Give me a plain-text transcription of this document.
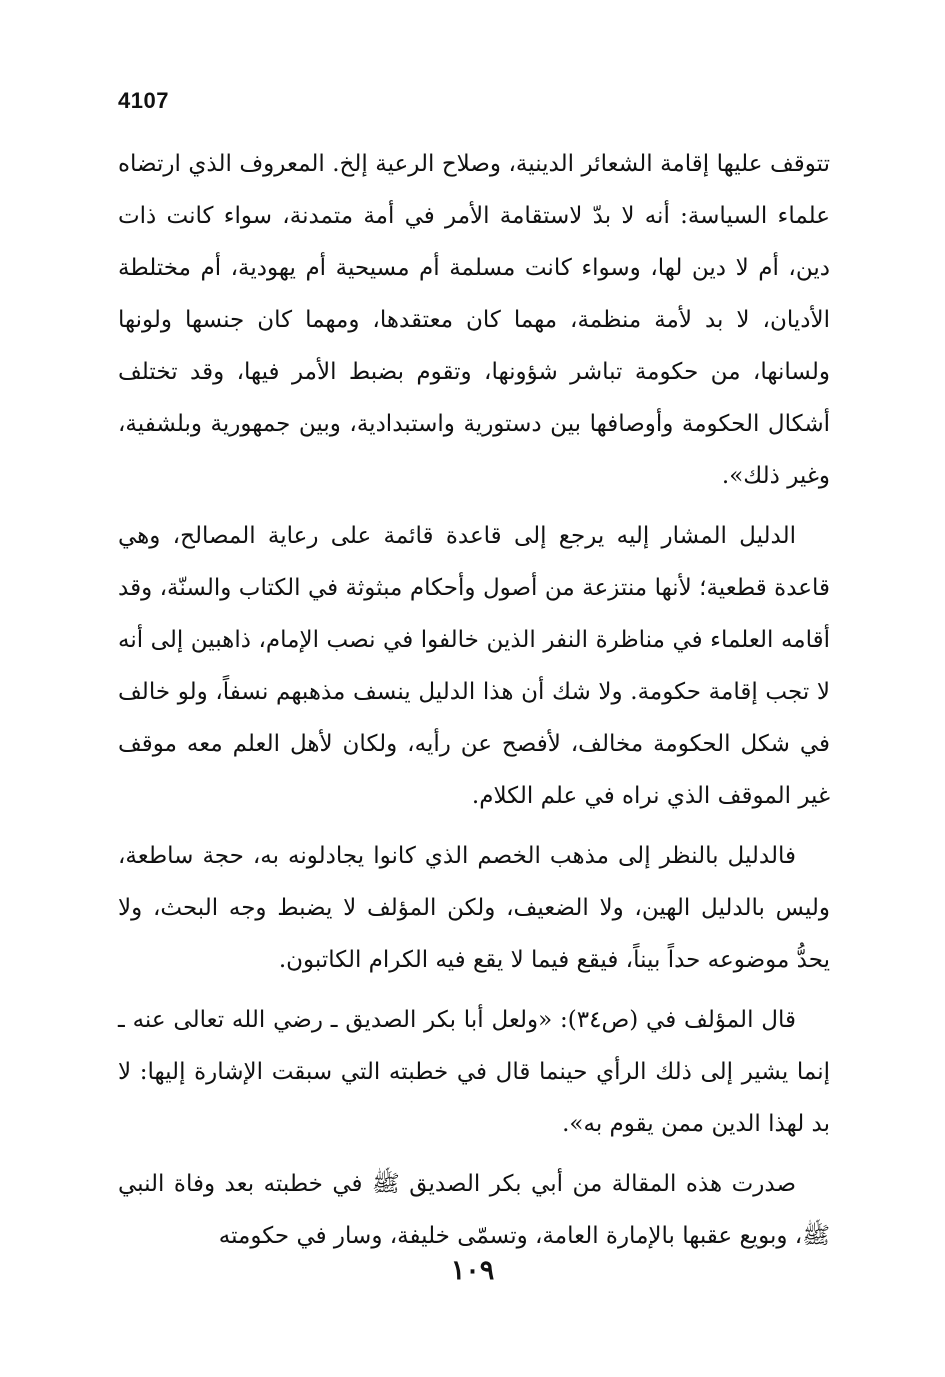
4107

تتوقف عليها إقامة الشعائر الدينية، وصلاح الرعية إلخ. المعروف الذي ارتضاه علماء السياسة: أنه لا بدّ لاستقامة الأمر في أمة متمدنة، سواء كانت ذات دين، أم لا دين لها، وسواء كانت مسلمة أم مسيحية أم يهودية، أم مختلطة الأديان، لا بد لأمة منظمة، مهما كان معتقدها، ومهما كان جنسها ولونها ولسانها، من حكومة تباشر شؤونها، وتقوم بضبط الأمر فيها، وقد تختلف أشكال الحكومة وأوصافها بين دستورية واستبدادية، وبين جمهورية وبلشفية، وغير ذلك».

الدليل المشار إليه يرجع إلى قاعدة قائمة على رعاية المصالح، وهي قاعدة قطعية؛ لأنها منتزعة من أصول وأحكام مبثوثة في الكتاب والسنّة، وقد أقامه العلماء في مناظرة النفر الذين خالفوا في نصب الإمام، ذاهبين إلى أنه لا تجب إقامة حكومة. ولا شك أن هذا الدليل ينسف مذهبهم نسفاً، ولو خالف في شكل الحكومة مخالف، لأفصح عن رأيه، ولكان لأهل العلم معه موقف غير الموقف الذي نراه في علم الكلام.

فالدليل بالنظر إلى مذهب الخصم الذي كانوا يجادلونه به، حجة ساطعة، وليس بالدليل الهين، ولا الضعيف، ولكن المؤلف لا يضبط وجه البحث، ولا يحدُّ موضوعه حداً بيناً، فيقع فيما لا يقع فيه الكرام الكاتبون.

قال المؤلف في (ص٣٤): «ولعل أبا بكر الصديق ـ رضي الله تعالى عنه ـ إنما يشير إلى ذلك الرأي حينما قال في خطبته التي سبقت الإشارة إليها: لا بد لهذا الدين ممن يقوم به».

صدرت هذه المقالة من أبي بكر الصديق ﷺ في خطبته بعد وفاة النبي ﷺ، وبويع عقبها بالإمارة العامة، وتسمّى خليفة، وسار في حكومته

١٠٩
